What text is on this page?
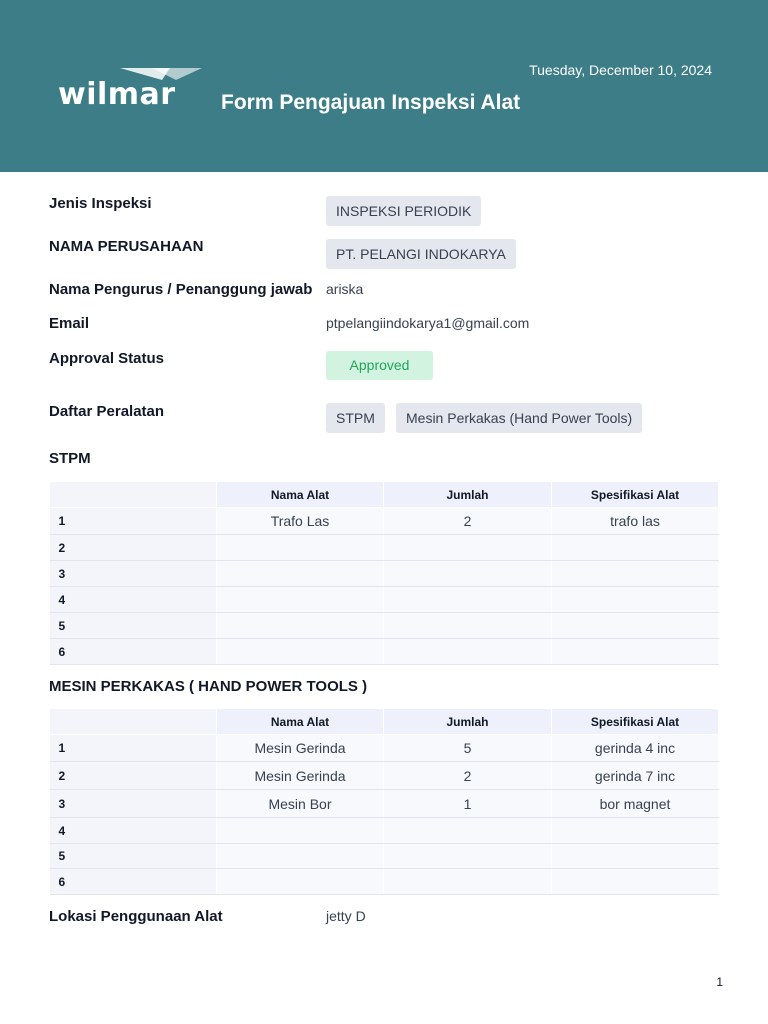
wilmar Form Pengajuan Inspeksi Alat
Tuesday, December 10, 2024
Jenis Inspeksi	INSPEKSI PERIODIK
NAMA PERUSAHAAN	PT. PELANGI INDOKARYA
Nama Pengurus / Penanggung jawab ariska
Email	ptpelangiindokarya1@gmail.com
Approval Status	Approved
Daftar Peralatan	STPM	Mesin Perkakas (Hand Power Tools)
STPM
	Nama Alat	Jumlah	Spesifikasi Alat
1	Trafo Las	2	trafo las
2			
3			
4			
5			
6			
MESIN PERKAKAS ( HAND POWER TOOLS )
	Nama Alat	Jumlah	Spesifikasi Alat
1	Mesin Gerinda	5	gerinda 4 inc
2	Mesin Gerinda	2	gerinda 7 inc
3	Mesin Bor	1	bor magnet
4			
5			
6			
Lokasi Penggunaan Alat	jetty D
1
